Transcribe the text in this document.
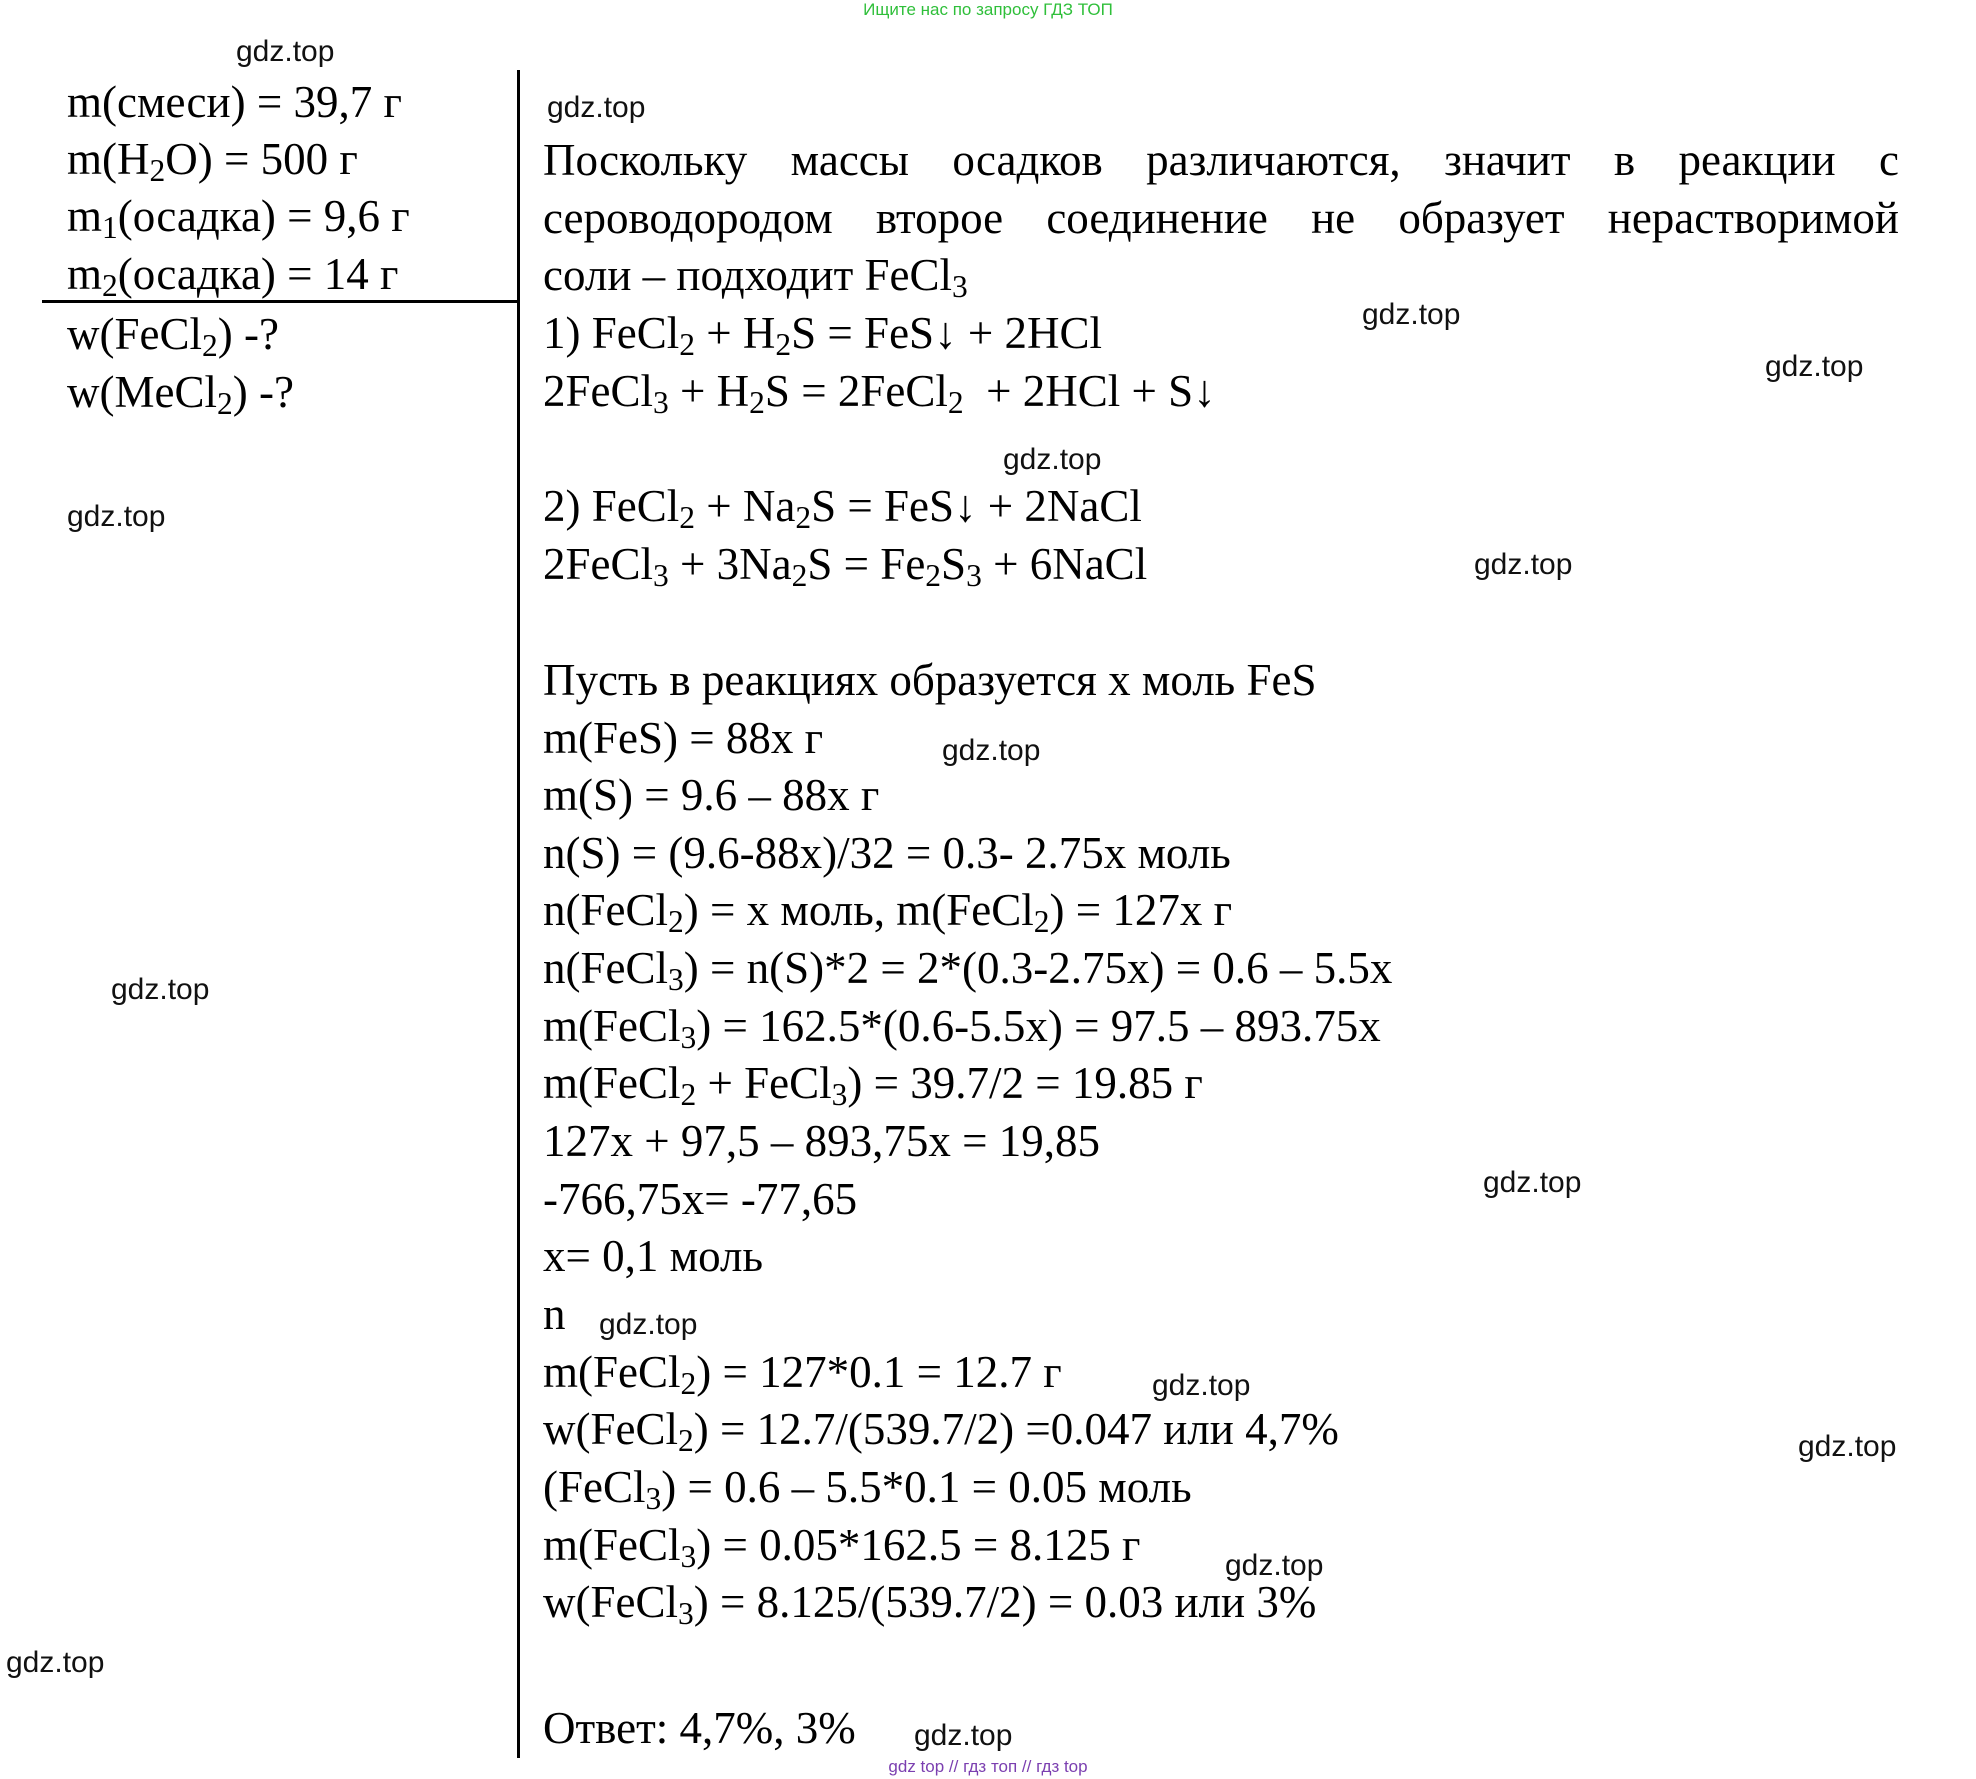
Ищите нас по запросу ГДЗ ТОП
m(смеси) = 39,7 г
$m(H_2O) = 500$ г
$m_1(осадка) = 9,6$ г
$m_2(осадка) = 14$ г
w(FeCl$_2$) -?
w(MeCl$_2$) -?
Поскольку массы осадков различаются, значит в реакции с
сероводородом второе соединение не образует нерастворимой
соли – подходит FeCl$_3$
1) FeCl$_2$ + $H_2S$ = FeS↓ + 2HCl
2FeCl$_3$ + $H_2S$ = 2FeCl$_2$  + 2HCl + S↓
2) FeCl$_2$ + $Na_2S$ = FeS↓ + 2NaCl
2FeCl$_3$ + $3Na_2S = Fe_2S_3$ + 6NaCl
Пусть в реакциях образуется х моль FeS
m(FeS) = 88x г
m(S) = 9.6 – 88x г
n(S) = (9.6-88x)/32 = 0.3- 2.75x моль
n(FeCl$_2$) = x моль, m(FeCl$_2$) = 127x г
n(FeCl$_3$) = n(S)*2 = 2*(0.3-2.75x) = 0.6 – 5.5x
m(FeCl$_3$) = 162.5*(0.6-5.5x) = 97.5 – 893.75x
m(FeCl$_2$ + FeCl$_3$) = 39.7/2 = 19.85 г
127x + 97,5 – 893,75x = 19,85
-766,75x= -77,65
x= 0,1 моль
n
m(FeCl$_2$) = 127*0.1 = 12.7 г
w(FeCl$_2$) = 12.7/(539.7/2) =0.047 или 4,7%
(FeCl$_3$) = 0.6 – 5.5*0.1 = 0.05 моль
m(FeCl$_3$) = 0.05*162.5 = 8.125 г
w(FeCl$_3$) = 8.125/(539.7/2) = 0.03 или 3%
Ответ: 4,7%, 3%
gdz.top
gdz.top
gdz.top
gdz.top
gdz.top
gdz.top
gdz.top
gdz.top
gdz.top
gdz.top
gdz.top
gdz.top
gdz.top
gdz.top
gdz.top
gdz.top
gdz top // гдз топ // гдз top
